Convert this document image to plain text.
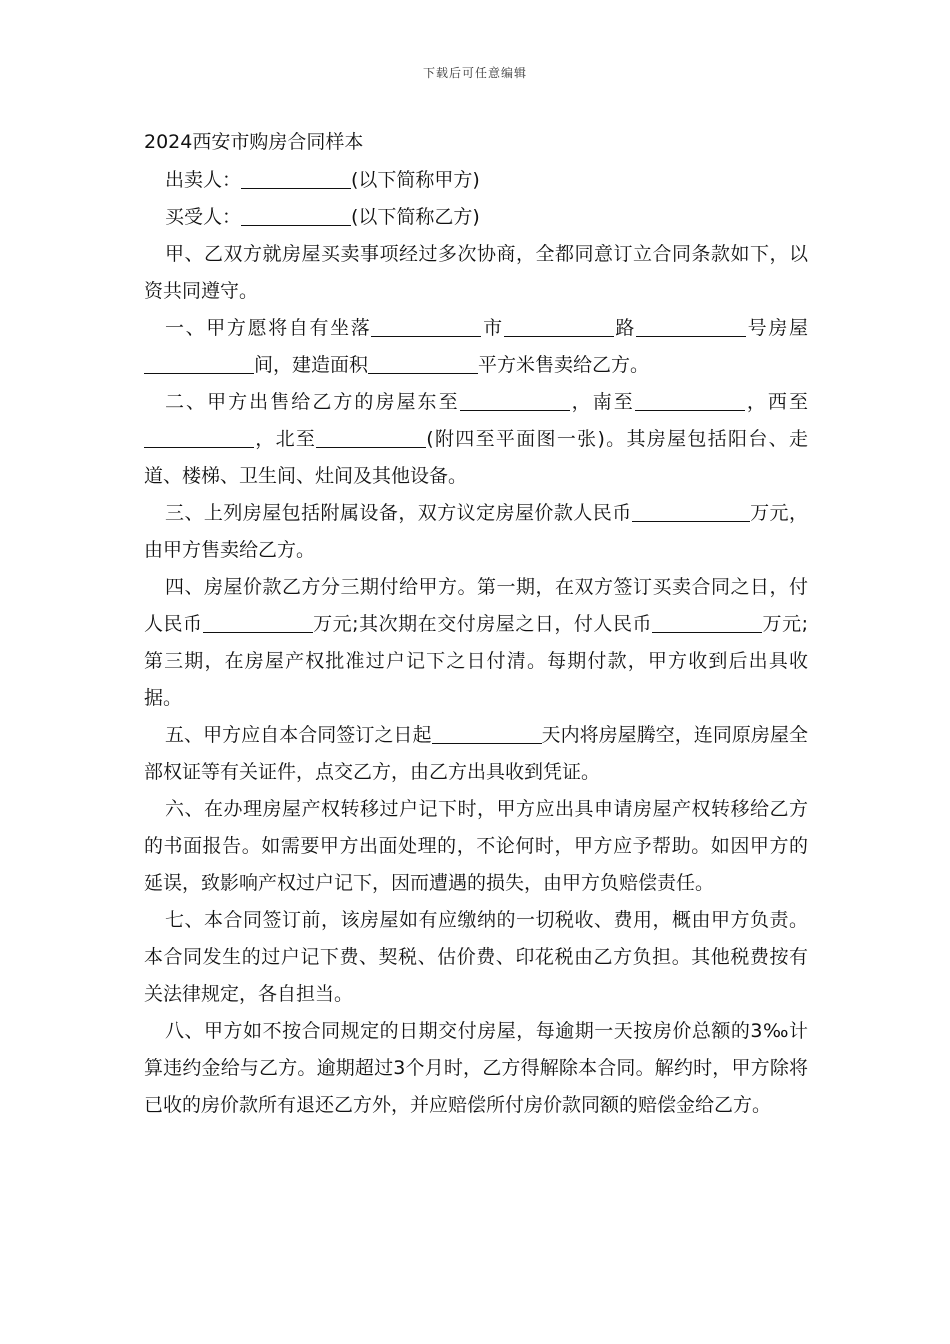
下载后可任意编辑

2024西安市购房合同样本

出卖人：	(以下简称甲方)

买受人：	(以下简称乙方)

甲、乙双方就房屋买卖事项经过多次协商，全都同意订立合同条款如下，以资共同遵守。

一、甲方愿将自有坐落	市	路	号房屋间，建造面积	平方米售卖给乙方。

二、甲方出售给乙方的房屋东至	，南至	，西至，北至	(附四至平面图一张)。其房屋包括阳台、走道、楼梯、卫生间、灶间及其他设备。

三、上列房屋包括附属设备，双方议定房屋价款人民币	万元，由甲方售卖给乙方。

四、房屋价款乙方分三期付给甲方。第一期，在双方签订买卖合同之日，付人民币	万元;其次期在交付房屋之日，付人民币	万元;第三期，在房屋产权批准过户记下之日付清。每期付款，甲方收到后出具收据。

五、甲方应自本合同签订之日起	天内将房屋腾空，连同原房屋全部权证等有关证件，点交乙方，由乙方出具收到凭证。

六、在办理房屋产权转移过户记下时，甲方应出具申请房屋产权转移给乙方的书面报告。如需要甲方出面处理的，不论何时，甲方应予帮助。如因甲方的延误，致影响产权过户记下，因而遭遇的损失，由甲方负赔偿责任。

七、本合同签订前，该房屋如有应缴纳的一切税收、费用，概由甲方负责。本合同发生的过户记下费、契税、估价费、印花税由乙方负担。其他税费按有关法律规定，各自担当。

八、甲方如不按合同规定的日期交付房屋，每逾期一天按房价总额的3‰计算违约金给与乙方。逾期超过3个月时，乙方得解除本合同。解约时，甲方除将已收的房价款所有退还乙方外，并应赔偿所付房价款同额的赔偿金给乙方。
